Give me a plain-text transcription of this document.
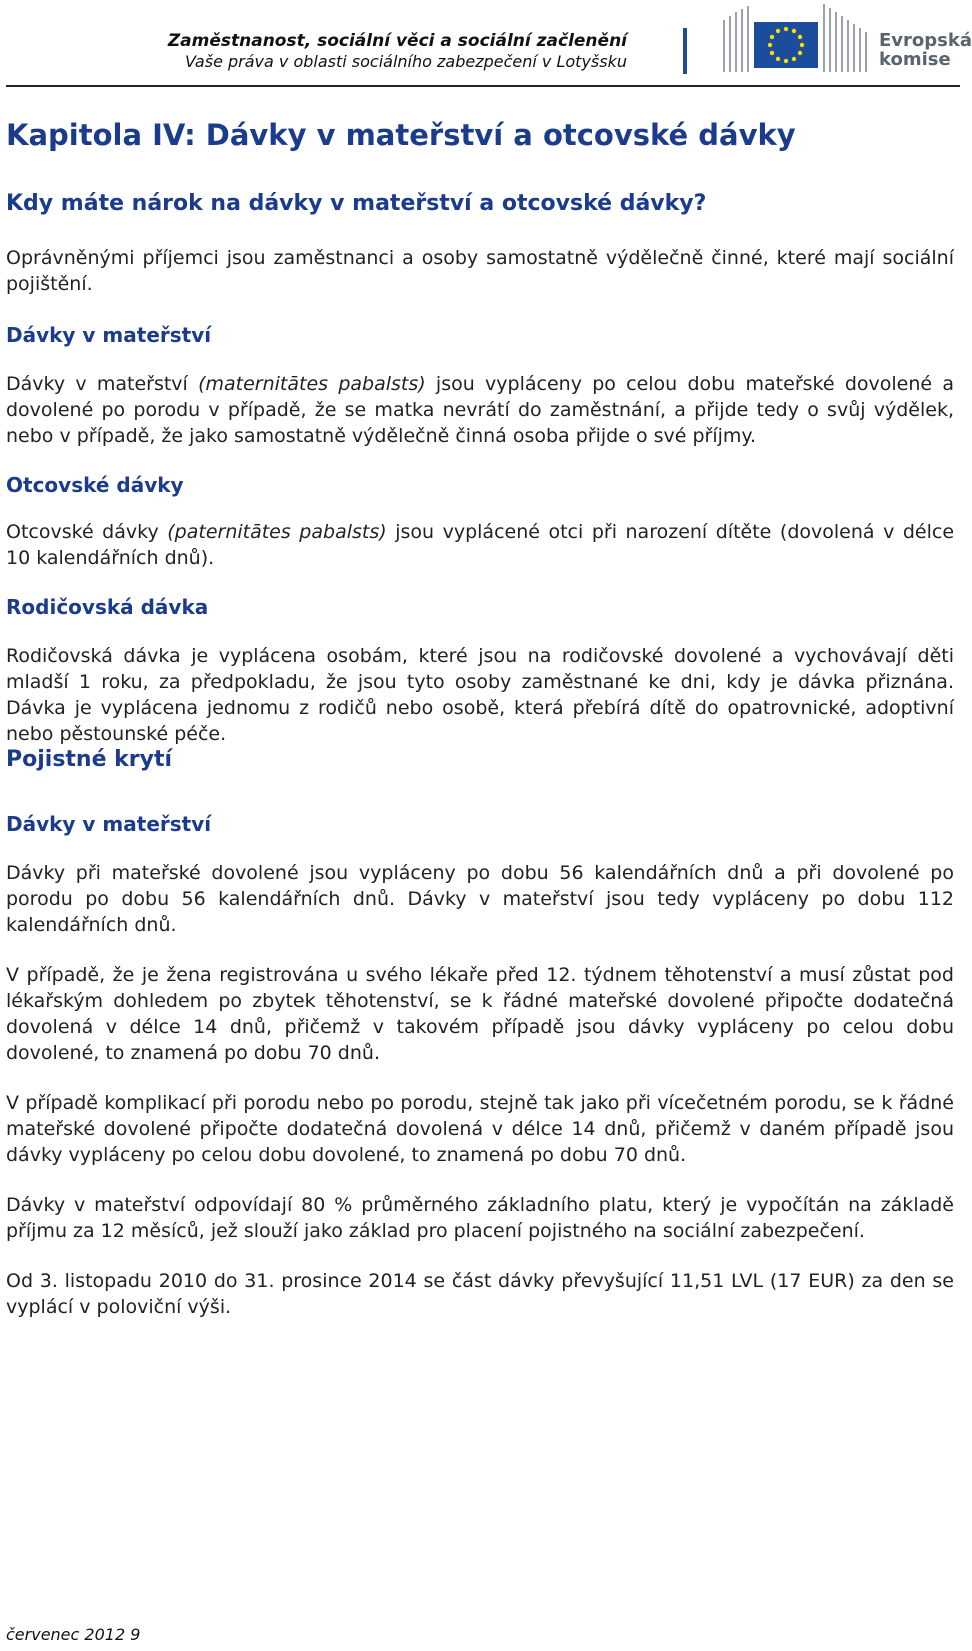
Zaměstnanost, sociální věci a sociální začlenění
Vaše práva v oblasti sociálního zabezpečení v Lotyšsku
Evropská
komise
Kapitola IV: Dávky v mateřství a otcovské dávky
Kdy máte nárok na dávky v mateřství a otcovské dávky?

Oprávněnými příjemci jsou zaměstnanci a osoby samostatně výdělečně činné, které mají sociální pojištění.

Dávky v mateřství

Dávky v mateřství (maternitātes pabalsts) jsou vypláceny po celou dobu mateřské dovolené a dovolené po porodu v případě, že se matka nevrátí do zaměstnání, a přijde tedy o svůj výdělek, nebo v případě, že jako samostatně výdělečně činná osoba přijde o své příjmy.

Otcovské dávky

Otcovské dávky (paternitātes pabalsts) jsou vyplácené otci při narození dítěte (dovolená v délce 10 kalendářních dnů).

Rodičovská dávka

Rodičovská dávka je vyplácena osobám, které jsou na rodičovské dovolené a vychovávají děti mladší 1 roku, za předpokladu, že jsou tyto osoby zaměstnané ke dni, kdy je dávka přiznána. Dávka je vyplácena jednomu z rodičů nebo osobě, která přebírá dítě do opatrovnické, adoptivní nebo pěstounské péče.

Pojistné krytí
Dávky v mateřství

Dávky při mateřské dovolené jsou vypláceny po dobu 56 kalendářních dnů a při dovolené po porodu po dobu 56 kalendářních dnů. Dávky v mateřství jsou tedy vypláceny po dobu 112 kalendářních dnů.

V případě, že je žena registrována u svého lékaře před 12. týdnem těhotenství a musí zůstat pod lékařským dohledem po zbytek těhotenství, se k řádné mateřské dovolené připočte dodatečná dovolená v délce 14 dnů, přičemž v takovém případě jsou dávky vypláceny po celou dobu dovolené, to znamená po dobu 70 dnů.

V případě komplikací při porodu nebo po porodu, stejně tak jako při vícečetném porodu, se k řádné mateřské dovolené připočte dodatečná dovolená v délce 14 dnů, přičemž v daném případě jsou dávky vypláceny po celou dobu dovolené, to znamená po dobu 70 dnů.

Dávky v mateřství odpovídají 80 % průměrného základního platu, který je vypočítán na základě příjmu za 12 měsíců, jež slouží jako základ pro placení pojistného na sociální zabezpečení.

Od 3. listopadu 2010 do 31. prosince 2014 se část dávky převyšující 11,51 LVL (17 EUR) za den se vyplácí v poloviční výši.

červenec 2012 9
